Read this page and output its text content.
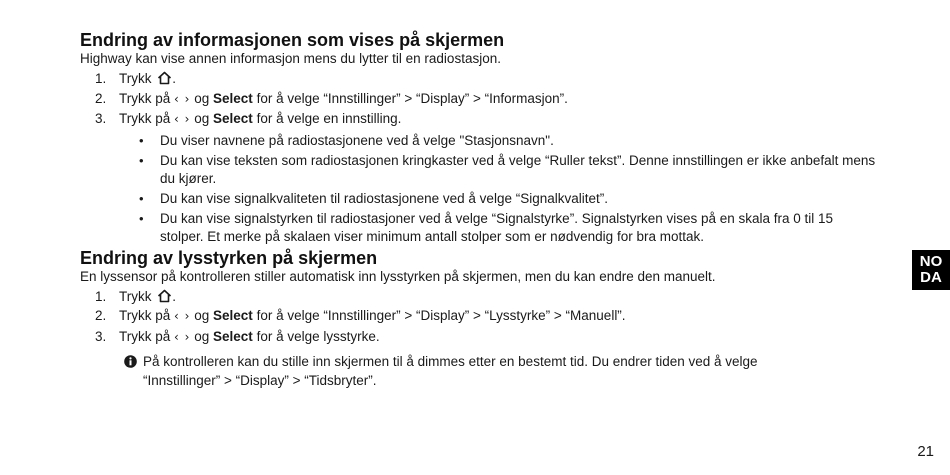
Endring av informasjonen som vises på skjermen

Highway kan vise annen informasjon mens du lytter til en radiostasjon.

1. Trykk .
2. Trykk på ‹ › og Select for å velge “Innstillinger” > “Display” > “Informasjon”.
3. Trykk på ‹ › og Select for å velge en innstilling.
• Du viser navnene på radiostasjonene ved å velge "Stasjonsnavn".
• Du kan vise teksten som radiostasjonen kringkaster ved å velge “Ruller tekst”. Denne innstillingen er ikke anbefalt mens du kjører.
• Du kan vise signalkvaliteten til radiostasjonene ved å velge “Signalkvalitet”.
• Du kan vise signalstyrken til radiostasjoner ved å velge “Signalstyrke”. Signalstyrken vises på en skala fra 0 til 15 stolper. Et merke på skalaen viser minimum antall stolper som er nødvendig for bra mottak.
Endring av lysstyrken på skjermen

En lyssensor på kontrolleren stiller automatisk inn lysstyrken på skjermen, men du kan endre den manuelt.

1. Trykk .
2. Trykk på ‹ › og Select for å velge “Innstillinger” > “Display” > “Lysstyrke” > “Manuell”.
3. Trykk på ‹ › og Select for å velge lysstyrke.
På kontrolleren kan du stille inn skjermen til å dimmes etter en bestemt tid. Du endrer tiden ved å velge “Innstillinger” > “Display” > “Tidsbryter”.
NO
DA
21
